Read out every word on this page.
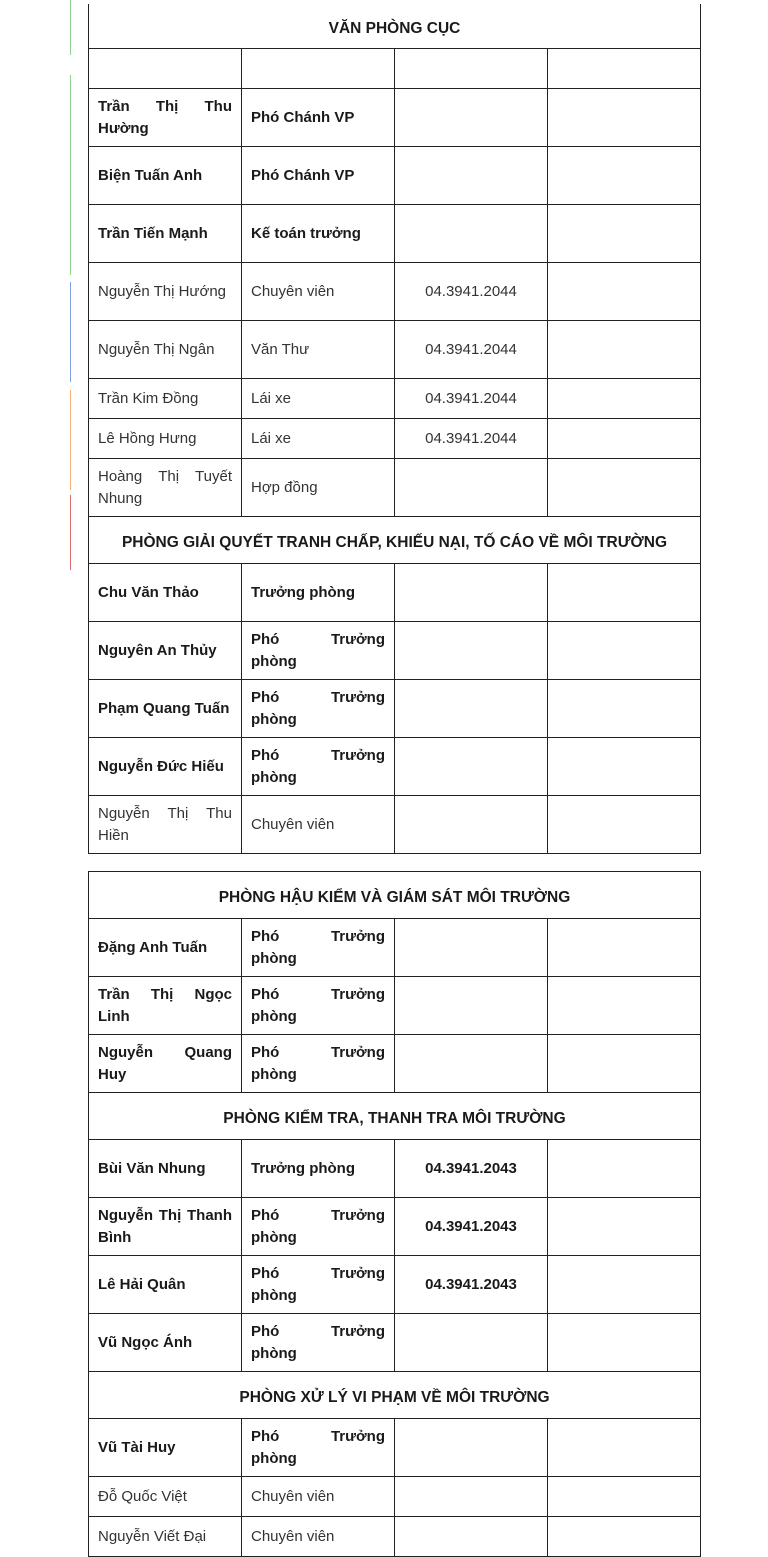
VĂN PHÒNG CỤC			

Trần Thị Thu Hường	Phó Chánh VP		
Biện Tuấn Anh	Phó Chánh VP		
Trần Tiến Mạnh	Kế toán trưởng		
Nguyễn Thị Hướng	Chuyên viên	04.3941.2044	
Nguyễn Thị Ngân	Văn Thư	04.3941.2044	
Trần Kim Đồng	Lái xe	04.3941.2044	
Lê Hồng Hưng	Lái xe	04.3941.2044	
Hoàng Thị Tuyết Nhung	Hợp đồng		
PHÒNG GIẢI QUYẾT TRANH CHẤP, KHIẾU NẠI, TỐ CÁO VỀ MÔI TRƯỜNG			
Chu Văn Thảo	Trưởng phòng		
Nguyên An Thủy	Phó Trưởng phòng		
Phạm Quang Tuấn	Phó Trưởng phòng		
Nguyễn Đức Hiếu	Phó Trưởng phòng		
Nguyễn Thị Thu Hiền	Chuyên viên		
PHÒNG HẬU KIỂM VÀ GIÁM SÁT MÔI TRƯỜNG			
Đặng Anh Tuấn	Phó Trưởng phòng		
Trần Thị Ngọc Linh	Phó Trưởng phòng		
Nguyễn Quang Huy	Phó Trưởng phòng		
PHÒNG KIỂM TRA, THANH TRA MÔI TRƯỜNG			
Bùi Văn Nhung	Trưởng phòng	04.3941.2043	
Nguyễn Thị Thanh Bình	Phó Trưởng phòng	04.3941.2043	
Lê Hải Quân	Phó Trưởng phòng	04.3941.2043	
Vũ Ngọc Ánh	Phó Trưởng phòng		
PHÒNG XỬ LÝ VI PHẠM VỀ MÔI TRƯỜNG			
Vũ Tài Huy	Phó Trưởng phòng		
Đỗ Quốc Việt	Chuyên viên		
Nguyễn Viết Đại	Chuyên viên		
